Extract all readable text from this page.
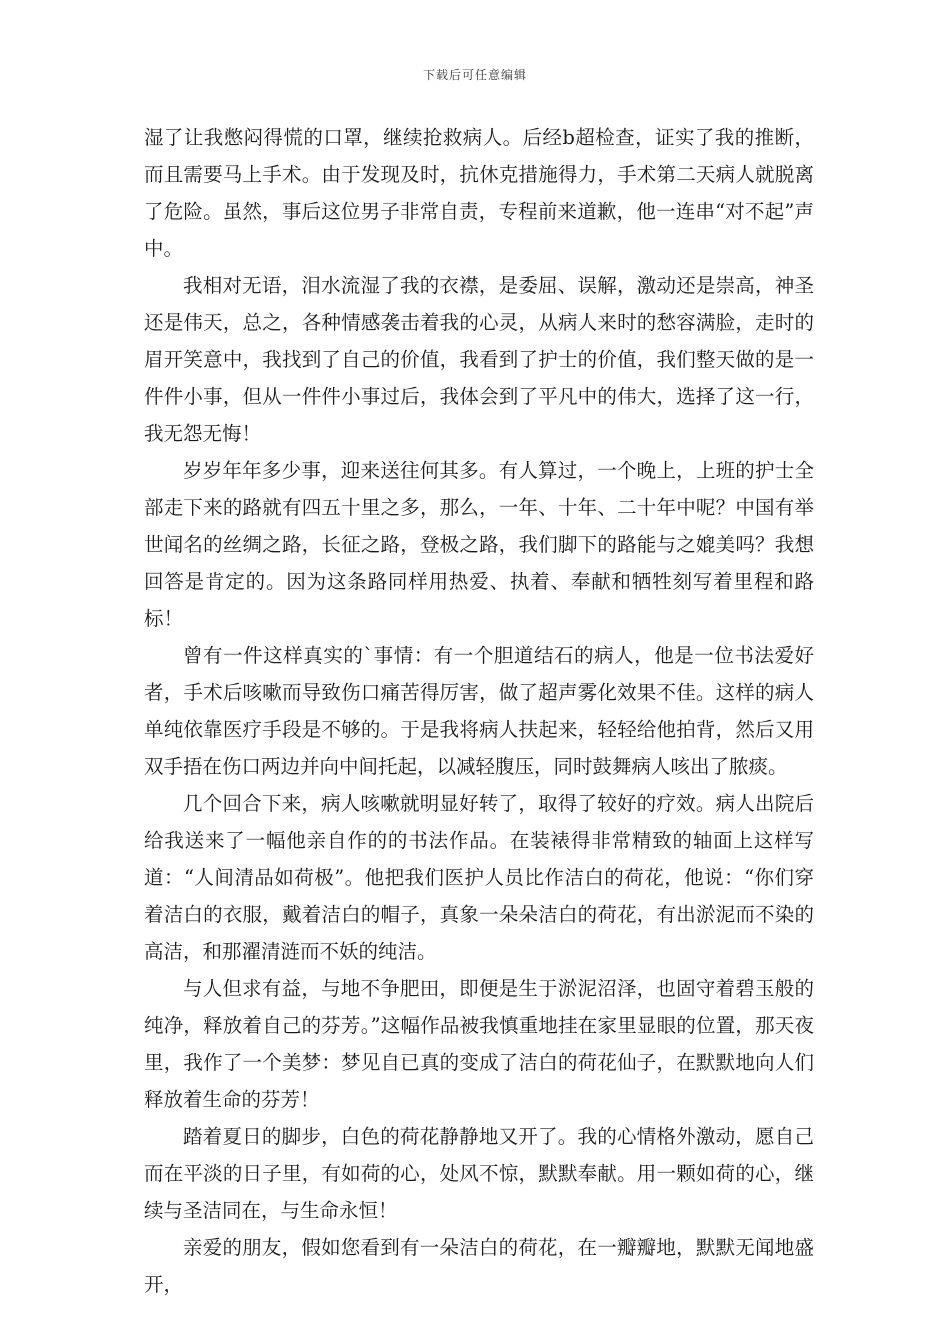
下载后可任意编辑

湿了让我憋闷得慌的口罩，继续抢救病人。后经b超检查，证实了我的推断，而且需要马上手术。由于发现及时，抗休克措施得力，手术第二天病人就脱离了危险。虽然，事后这位男子非常自责，专程前来道歉，他一连串“对不起”声中。

我相对无语，泪水流湿了我的衣襟，是委屈、误解，激动还是崇高，神圣还是伟天，总之，各种情感袭击着我的心灵，从病人来时的愁容满脸，走时的眉开笑意中，我找到了自己的价值，我看到了护士的价值，我们整天做的是一件件小事，但从一件件小事过后，我体会到了平凡中的伟大，选择了这一行，我无怨无悔！

岁岁年年多少事，迎来送往何其多。有人算过，一个晚上，上班的护士全部走下来的路就有四五十里之多，那么，一年、十年、二十年中呢？中国有举世闻名的丝绸之路，长征之路，登极之路，我们脚下的路能与之媲美吗？我想回答是肯定的。因为这条路同样用热爱、执着、奉献和牺牲刻写着里程和路标！

曾有一件这样真实的`事情：有一个胆道结石的病人，他是一位书法爱好者，手术后咳嗽而导致伤口痛苦得厉害，做了超声雾化效果不佳。这样的病人单纯依靠医疗手段是不够的。于是我将病人扶起来，轻轻给他拍背，然后又用双手捂在伤口两边并向中间托起，以减轻腹压，同时鼓舞病人咳出了脓痰。

几个回合下来，病人咳嗽就明显好转了，取得了较好的疗效。病人出院后给我送来了一幅他亲自作的的书法作品。在装裱得非常精致的轴面上这样写道：“人间清品如荷极”。他把我们医护人员比作洁白的荷花，他说：“你们穿着洁白的衣服，戴着洁白的帽子，真象一朵朵洁白的荷花，有出淤泥而不染的高洁，和那濯清涟而不妖的纯洁。

与人但求有益，与地不争肥田，即便是生于淤泥沼泽，也固守着碧玉般的纯净，释放着自己的芬芳。”这幅作品被我慎重地挂在家里显眼的位置，那天夜里，我作了一个美梦：梦见自已真的变成了洁白的荷花仙子，在默默地向人们释放着生命的芬芳！

踏着夏日的脚步，白色的荷花静静地又开了。我的心情格外激动，愿自己而在平淡的日子里，有如荷的心，处风不惊，默默奉献。用一颗如荷的心，继续与圣洁同在，与生命永恒！

亲爱的朋友，假如您看到有一朵洁白的荷花，在一瓣瓣地，默默无闻地盛开，
